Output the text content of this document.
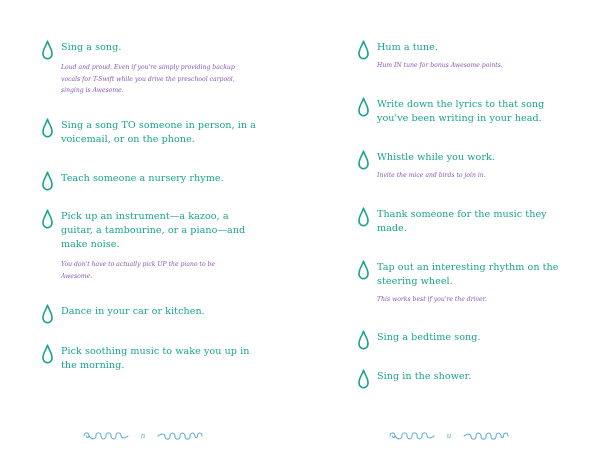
Sing a song.
Loud and proud. Even if you're simply providing backup vocals for T-Swift while you drive the preschool carpool, singing is Awesome.
Sing a song TO someone in person, in a voicemail, or on the phone.
Teach someone a nursery rhyme.
Pick up an instrument—a kazoo, a guitar, a tambourine, or a piano—and make noise.
You don't have to actually pick UP the piano to be Awesome.
Dance in your car or kitchen.
Pick soothing music to wake you up in the morning.
n
Hum a tune.
Hum IN tune for bonus Awesome points.
Write down the lyrics to that song you've been writing in your head.
Whistle while you work.
Invite the mice and birds to join in.
Thank someone for the music they made.
Tap out an interesting rhythm on the steering wheel.
This works best if you're the driver.
Sing a bedtime song.
Sing in the shower.
u
